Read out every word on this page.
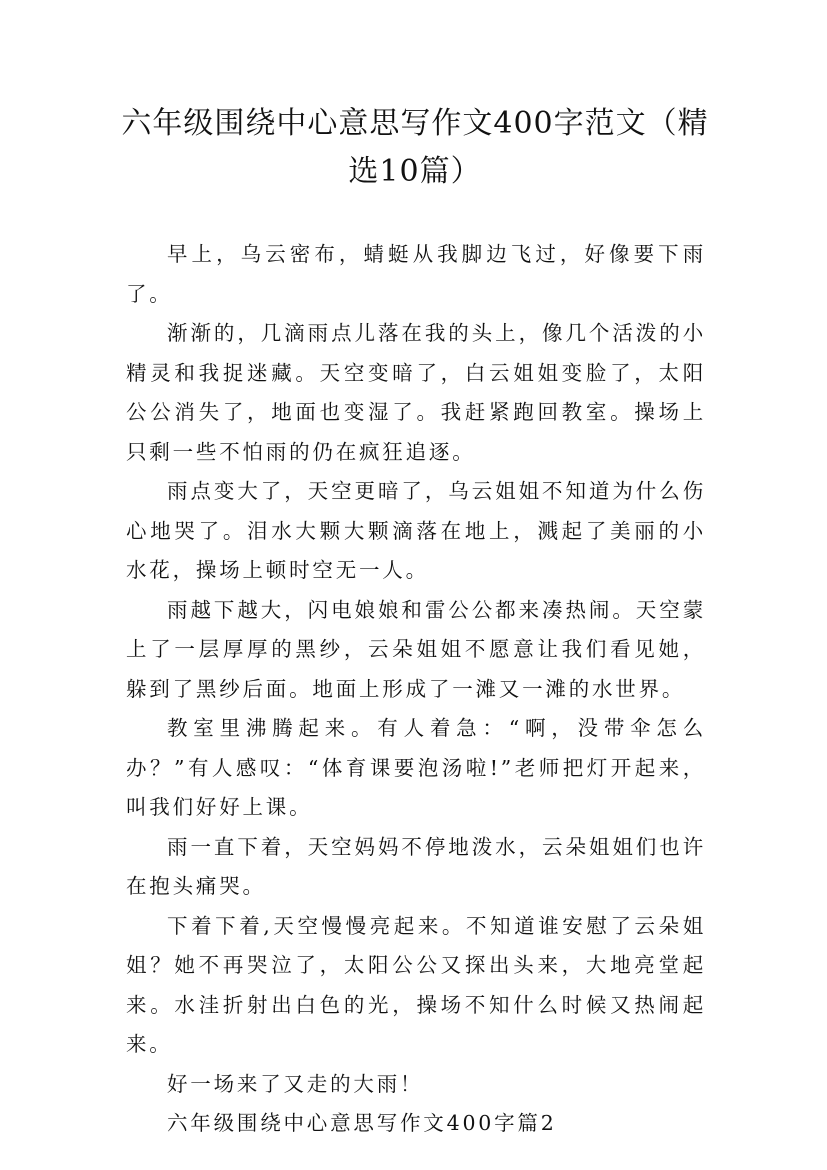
六年级围绕中心意思写作文400字范文（精选10篇）

早上，乌云密布，蜻蜓从我脚边飞过，好像要下雨了。

渐渐的，几滴雨点儿落在我的头上，像几个活泼的小精灵和我捉迷藏。天空变暗了，白云姐姐变脸了，太阳公公消失了，地面也变湿了。我赶紧跑回教室。操场上只剩一些不怕雨的仍在疯狂追逐。

雨点变大了，天空更暗了，乌云姐姐不知道为什么伤心地哭了。泪水大颗大颗滴落在地上，溅起了美丽的小水花，操场上顿时空无一人。

雨越下越大，闪电娘娘和雷公公都来凑热闹。天空蒙上了一层厚厚的黑纱，云朵姐姐不愿意让我们看见她，躲到了黑纱后面。地面上形成了一滩又一滩的水世界。

教室里沸腾起来。有人着急：“啊，没带伞怎么办？”有人感叹：“体育课要泡汤啦!”老师把灯开起来，叫我们好好上课。

雨一直下着，天空妈妈不停地泼水，云朵姐姐们也许在抱头痛哭。

下着下着,天空慢慢亮起来。不知道谁安慰了云朵姐姐？她不再哭泣了，太阳公公又探出头来，大地亮堂起来。水洼折射出白色的光，操场不知什么时候又热闹起来。

好一场来了又走的大雨！

六年级围绕中心意思写作文400字篇2
